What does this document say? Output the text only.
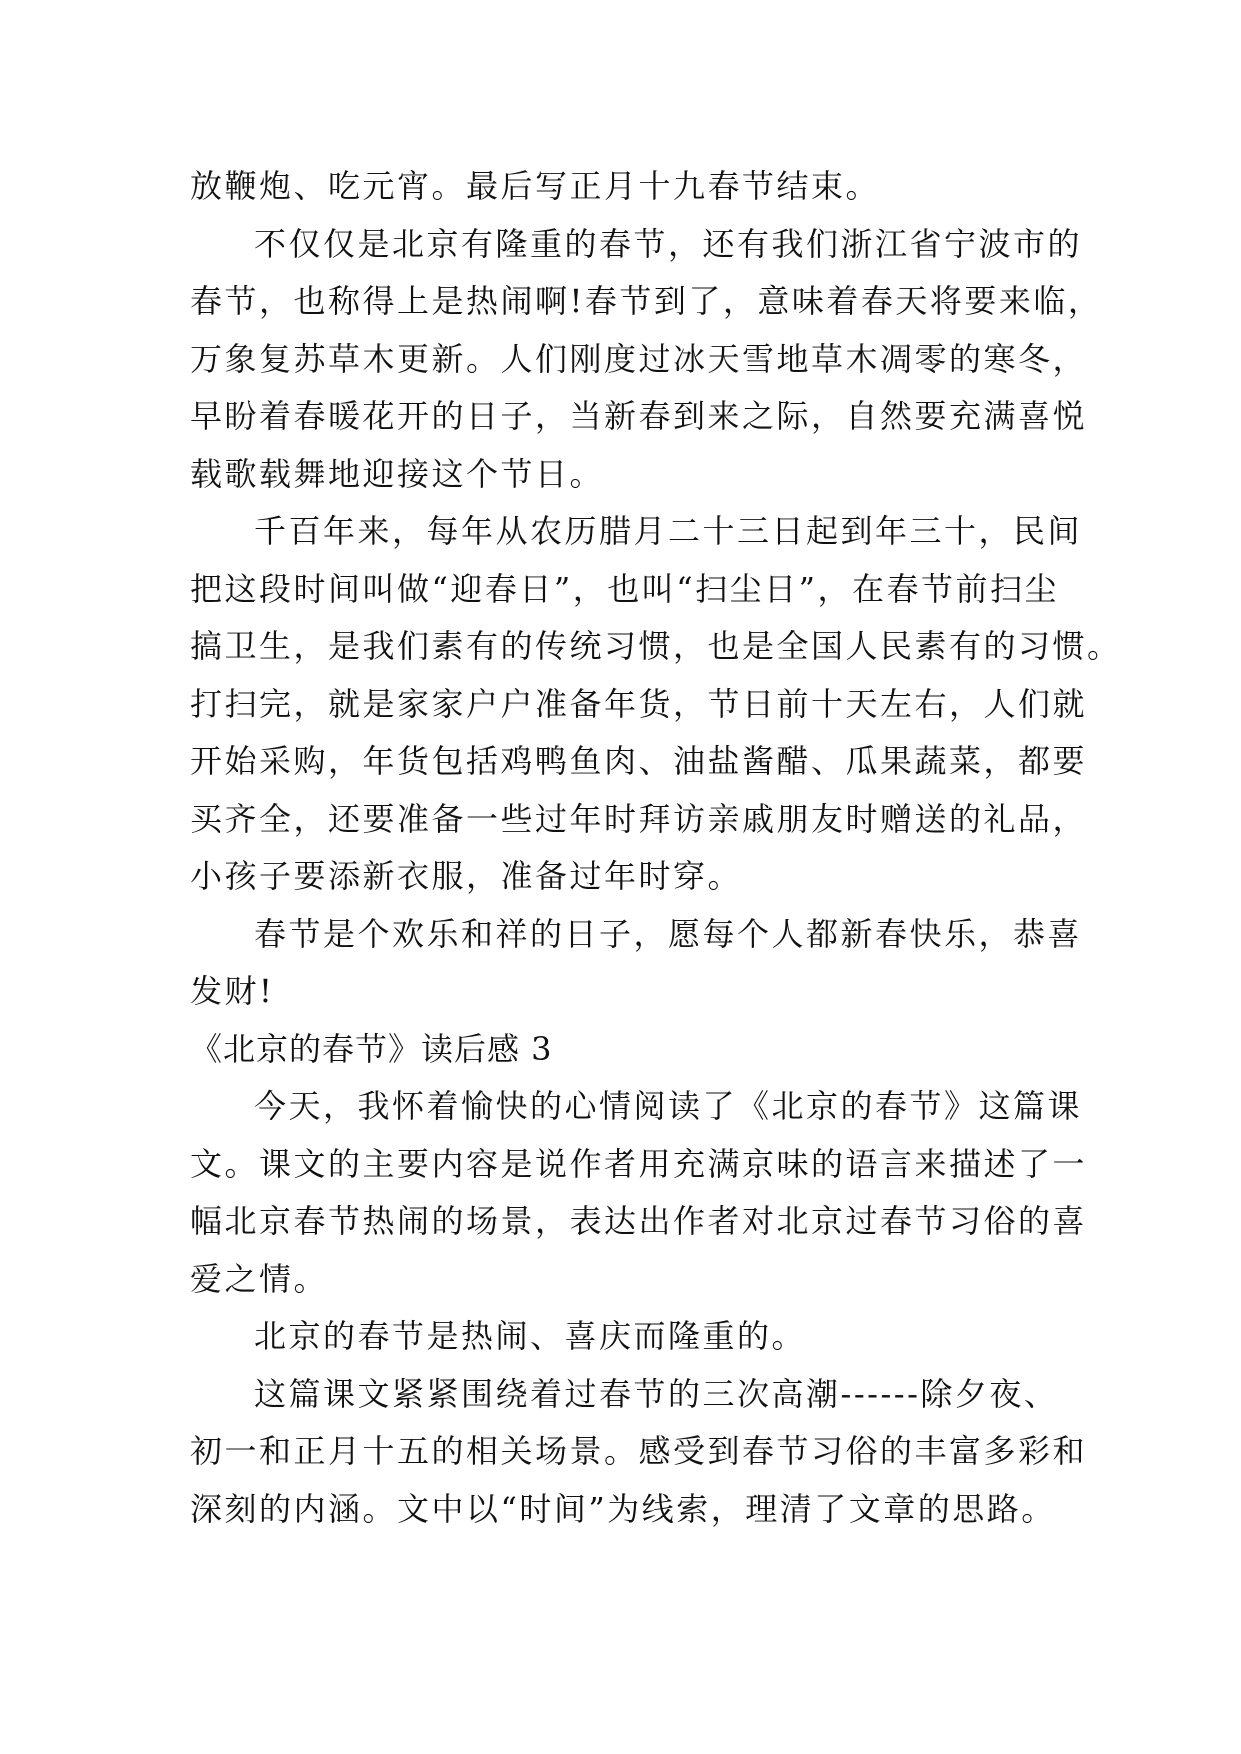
放鞭炮、吃元宵。最后写正月十九春节结束。

不仅仅是北京有隆重的春节，还有我们浙江省宁波市的

春节，也称得上是热闹啊!春节到了，意味着春天将要来临，

万象复苏草木更新。人们刚度过冰天雪地草木凋零的寒冬，

早盼着春暖花开的日子，当新春到来之际，自然要充满喜悦

载歌载舞地迎接这个节日。

千百年来，每年从农历腊月二十三日起到年三十，民间

把这段时间叫做“迎春日”，也叫“扫尘日”，在春节前扫尘

搞卫生，是我们素有的传统习惯，也是全国人民素有的习惯。

打扫完，就是家家户户准备年货，节日前十天左右，人们就

开始采购，年货包括鸡鸭鱼肉、油盐酱醋、瓜果蔬菜，都要

买齐全，还要准备一些过年时拜访亲戚朋友时赠送的礼品，

小孩子要添新衣服，准备过年时穿。

春节是个欢乐和祥的日子，愿每个人都新春快乐，恭喜

发财!

《北京的春节》读后感 3

今天，我怀着愉快的心情阅读了《北京的春节》这篇课

文。课文的主要内容是说作者用充满京味的语言来描述了一

幅北京春节热闹的场景，表达出作者对北京过春节习俗的喜

爱之情。

北京的春节是热闹、喜庆而隆重的。

这篇课文紧紧围绕着过春节的三次高潮------除夕夜、

初一和正月十五的相关场景。感受到春节习俗的丰富多彩和

深刻的内涵。文中以“时间”为线索，理清了文章的思路。
